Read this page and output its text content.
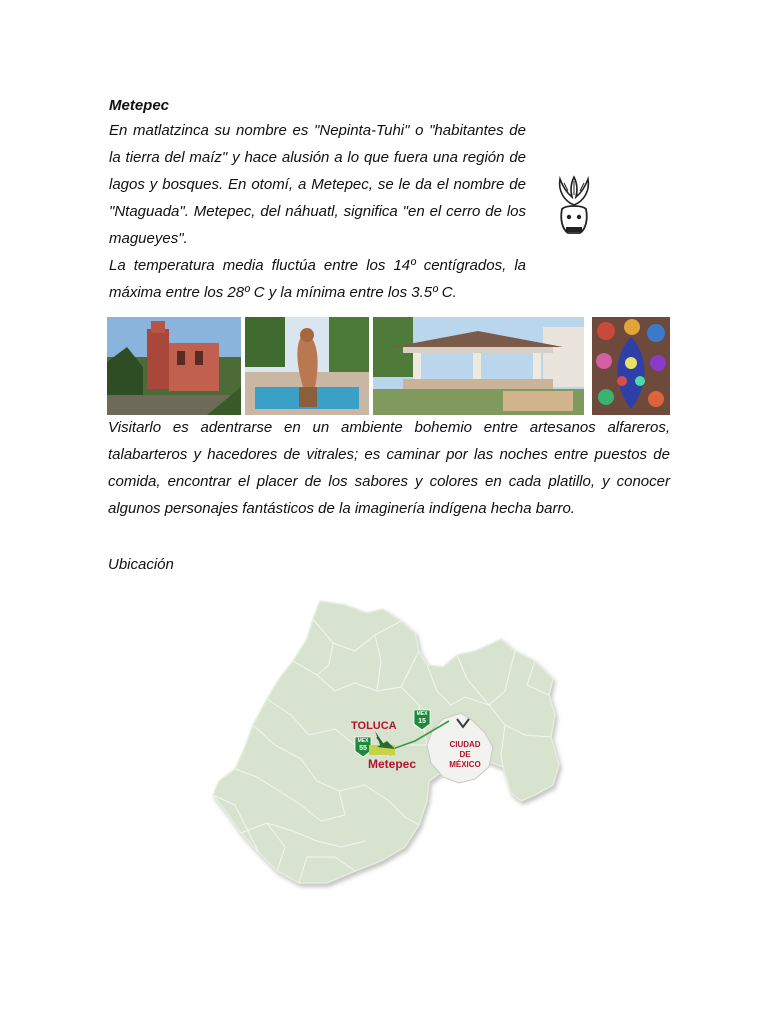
Metepec
En matlatzinca su nombre es "Nepinta-Tuhi" o "habitantes de
la tierra del maíz" y hace alusión a lo que fuera una región de
lagos y bosques. En otomí, a Metepec, se le da el nombre de
"Ntaguada". Metepec, del náhuatl, significa "en el cerro de los
magueyes".
La temperatura media fluctúa entre los 14º centígrados, la
máxima entre los 28º C y la mínima entre los 3.5º C.
Visitarlo es adentrarse en un ambiente bohemio entre artesanos alfareros,
talabarteros y hacedores de vitrales; es caminar por las noches entre puestos de
comida, encontrar el placer de los sabores y colores en cada platillo, y conocer
algunos personajes fantásticos de la imaginería indígena hecha barro.
Ubicación
TOLUCA
Metepec
MEX
55
MEX
15
CIUDAD
DE
MÉXICO
